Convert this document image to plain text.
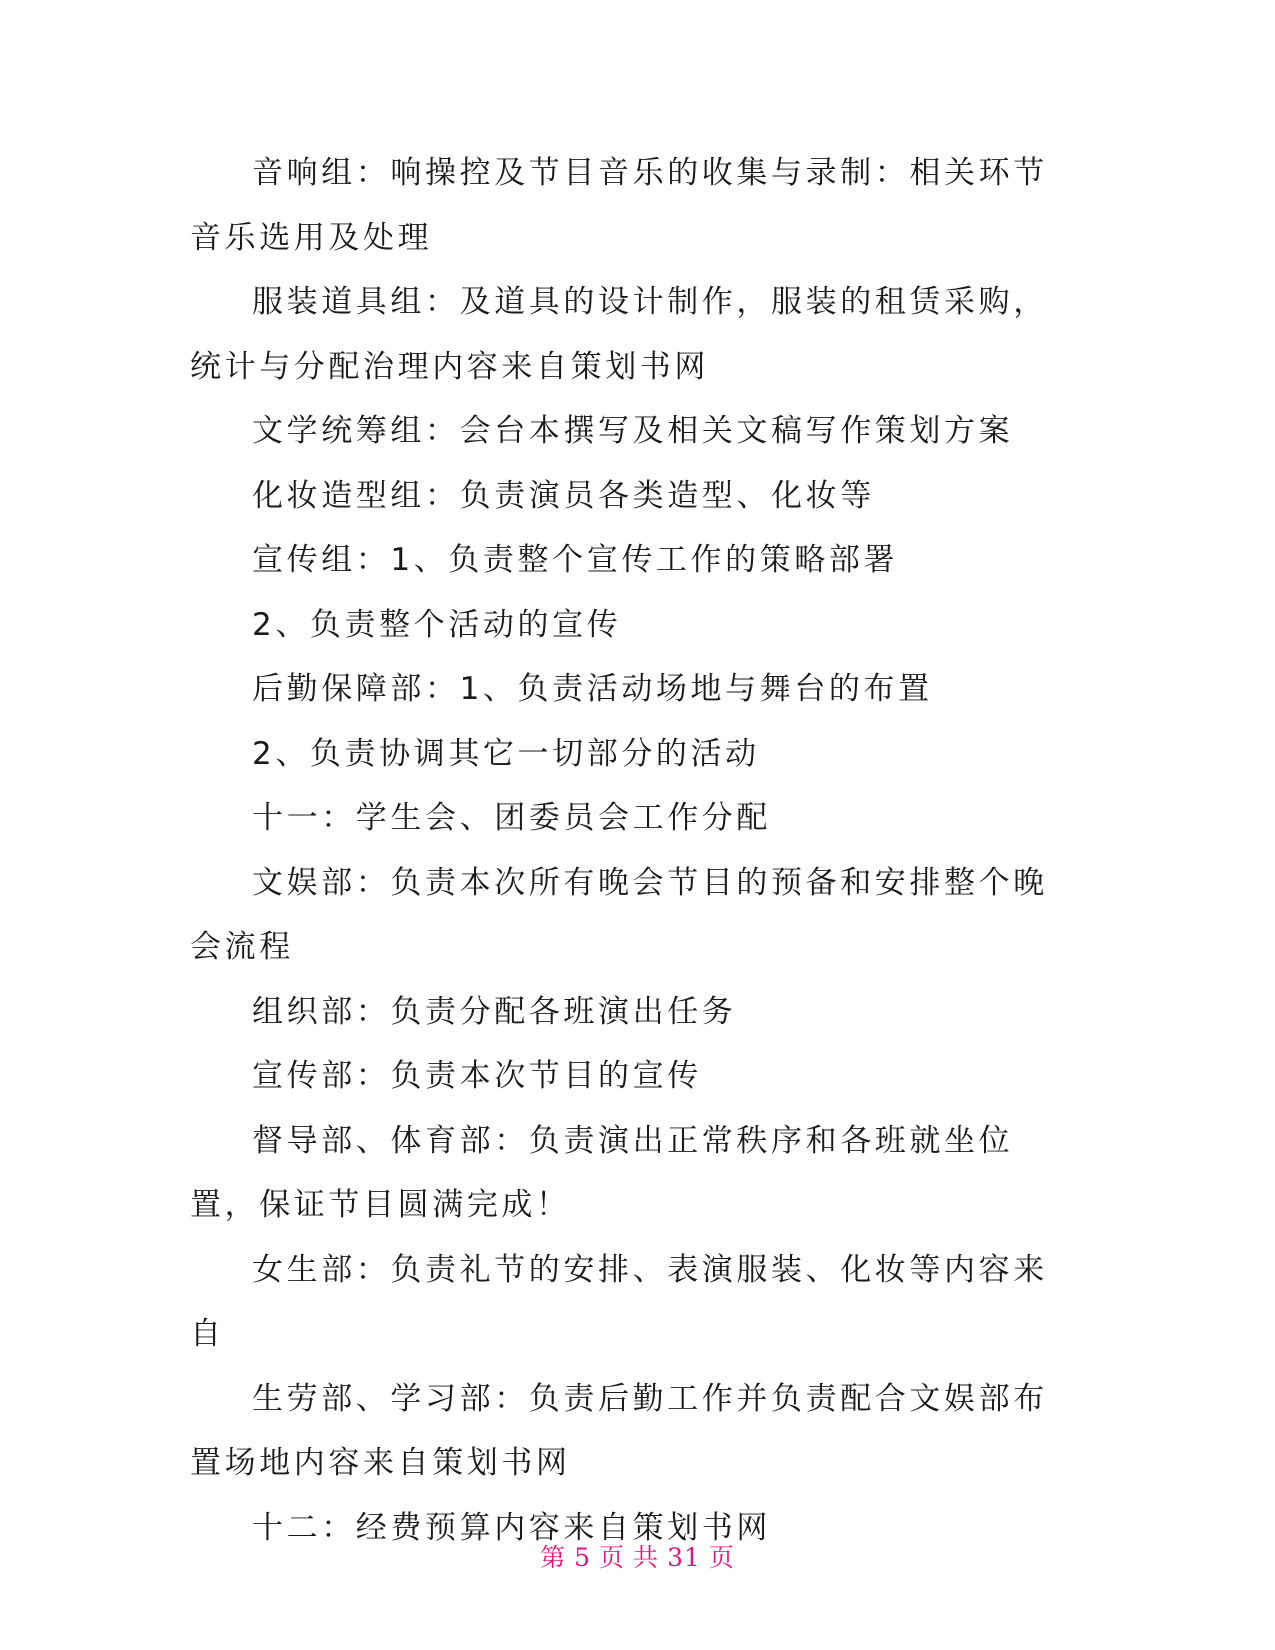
音响组：响操控及节目音乐的收集与录制：相关环节音乐选用及处理

服装道具组：及道具的设计制作，服装的租赁采购，统计与分配治理内容来自策划书网

文学统筹组：会台本撰写及相关文稿写作策划方案

化妆造型组：负责演员各类造型、化妆等

宣传组：1、负责整个宣传工作的策略部署

2、负责整个活动的宣传

后勤保障部：1、负责活动场地与舞台的布置

2、负责协调其它一切部分的活动

十一：学生会、团委员会工作分配

文娱部：负责本次所有晚会节目的预备和安排整个晚会流程

组织部：负责分配各班演出任务

宣传部：负责本次节目的宣传

督导部、体育部：负责演出正常秩序和各班就坐位置，保证节目圆满完成！

女生部：负责礼节的安排、表演服装、化妆等内容来自

生劳部、学习部：负责后勤工作并负责配合文娱部布置场地内容来自策划书网

十二：经费预算内容来自策划书网

第 5 页 共 31 页
